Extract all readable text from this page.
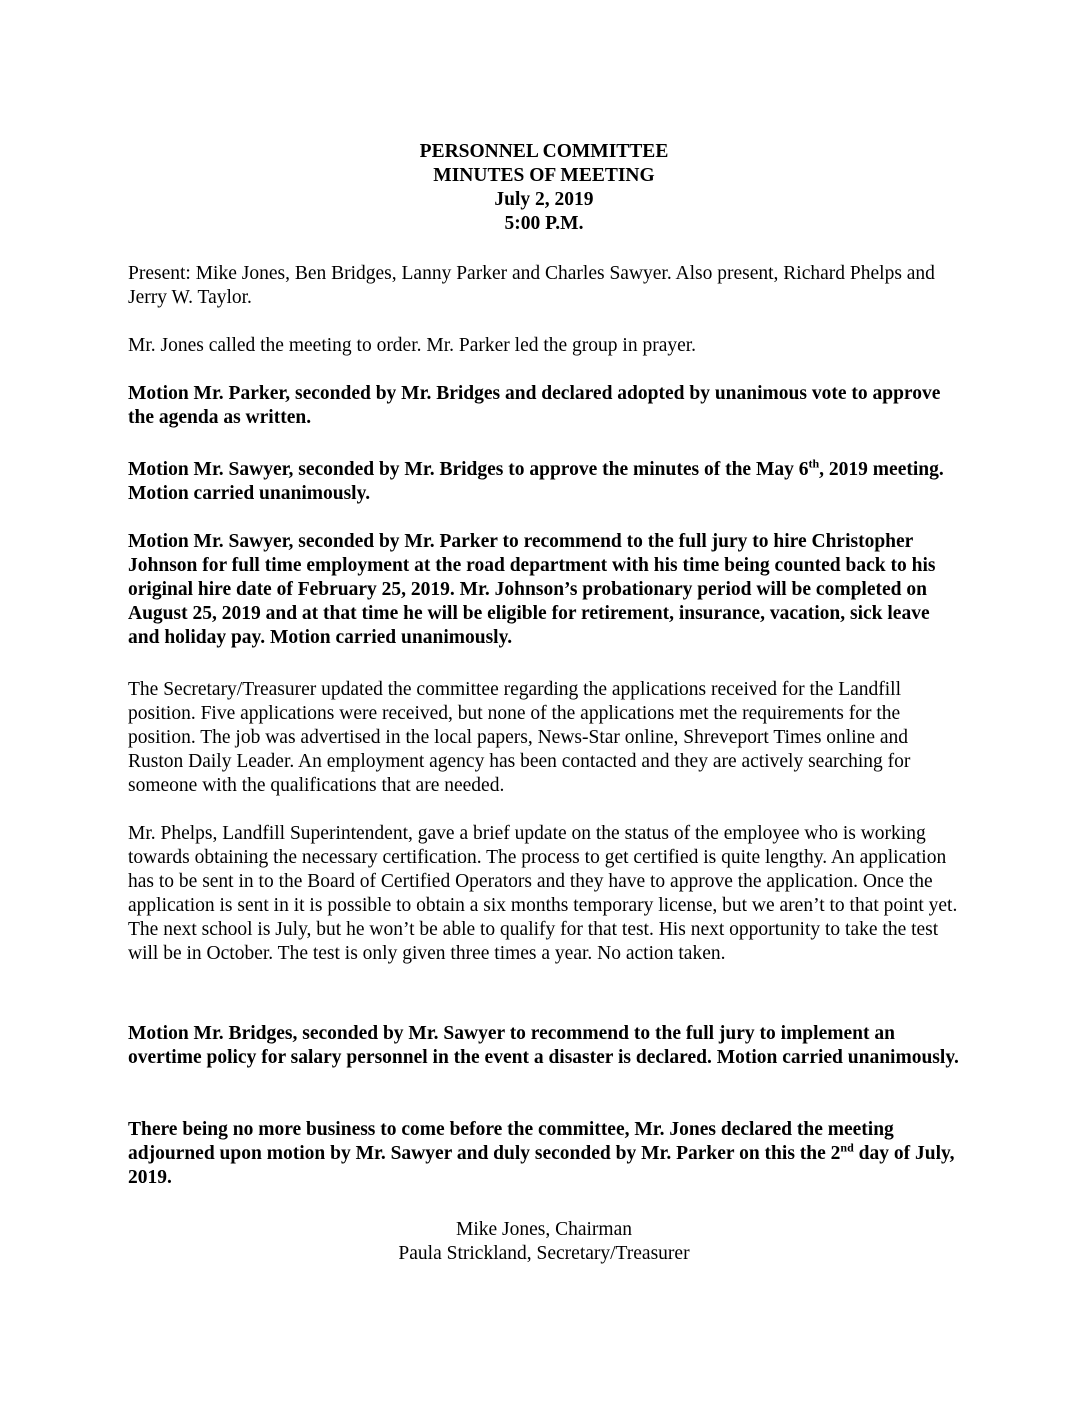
PERSONNEL COMMITTEE
MINUTES OF MEETING
July 2, 2019
5:00 P.M.

Present: Mike Jones, Ben Bridges, Lanny Parker and Charles Sawyer. Also present, Richard Phelps and Jerry W. Taylor.

Mr. Jones called the meeting to order. Mr. Parker led the group in prayer.

Motion Mr. Parker, seconded by Mr. Bridges and declared adopted by unanimous vote to approve the agenda as written.

Motion Mr. Sawyer, seconded by Mr. Bridges to approve the minutes of the May 6th, 2019 meeting. Motion carried unanimously.

Motion Mr. Sawyer, seconded by Mr. Parker to recommend to the full jury to hire Christopher Johnson for full time employment at the road department with his time being counted back to his original hire date of February 25, 2019. Mr. Johnson’s probationary period will be completed on August 25, 2019 and at that time he will be eligible for retirement, insurance, vacation, sick leave and holiday pay. Motion carried unanimously.

The Secretary/Treasurer updated the committee regarding the applications received for the Landfill position. Five applications were received, but none of the applications met the requirements for the position. The job was advertised in the local papers, News-Star online, Shreveport Times online and Ruston Daily Leader. An employment agency has been contacted and they are actively searching for someone with the qualifications that are needed.

Mr. Phelps, Landfill Superintendent, gave a brief update on the status of the employee who is working towards obtaining the necessary certification. The process to get certified is quite lengthy. An application has to be sent in to the Board of Certified Operators and they have to approve the application. Once the application is sent in it is possible to obtain a six months temporary license, but we aren’t to that point yet. The next school is July, but he won’t be able to qualify for that test. His next opportunity to take the test will be in October. The test is only given three times a year. No action taken.

Motion Mr. Bridges, seconded by Mr. Sawyer to recommend to the full jury to implement an overtime policy for salary personnel in the event a disaster is declared. Motion carried unanimously.

There being no more business to come before the committee, Mr. Jones declared the meeting adjourned upon motion by Mr. Sawyer and duly seconded by Mr. Parker on this the 2nd day of July, 2019.

Mike Jones, Chairman
Paula Strickland, Secretary/Treasurer
